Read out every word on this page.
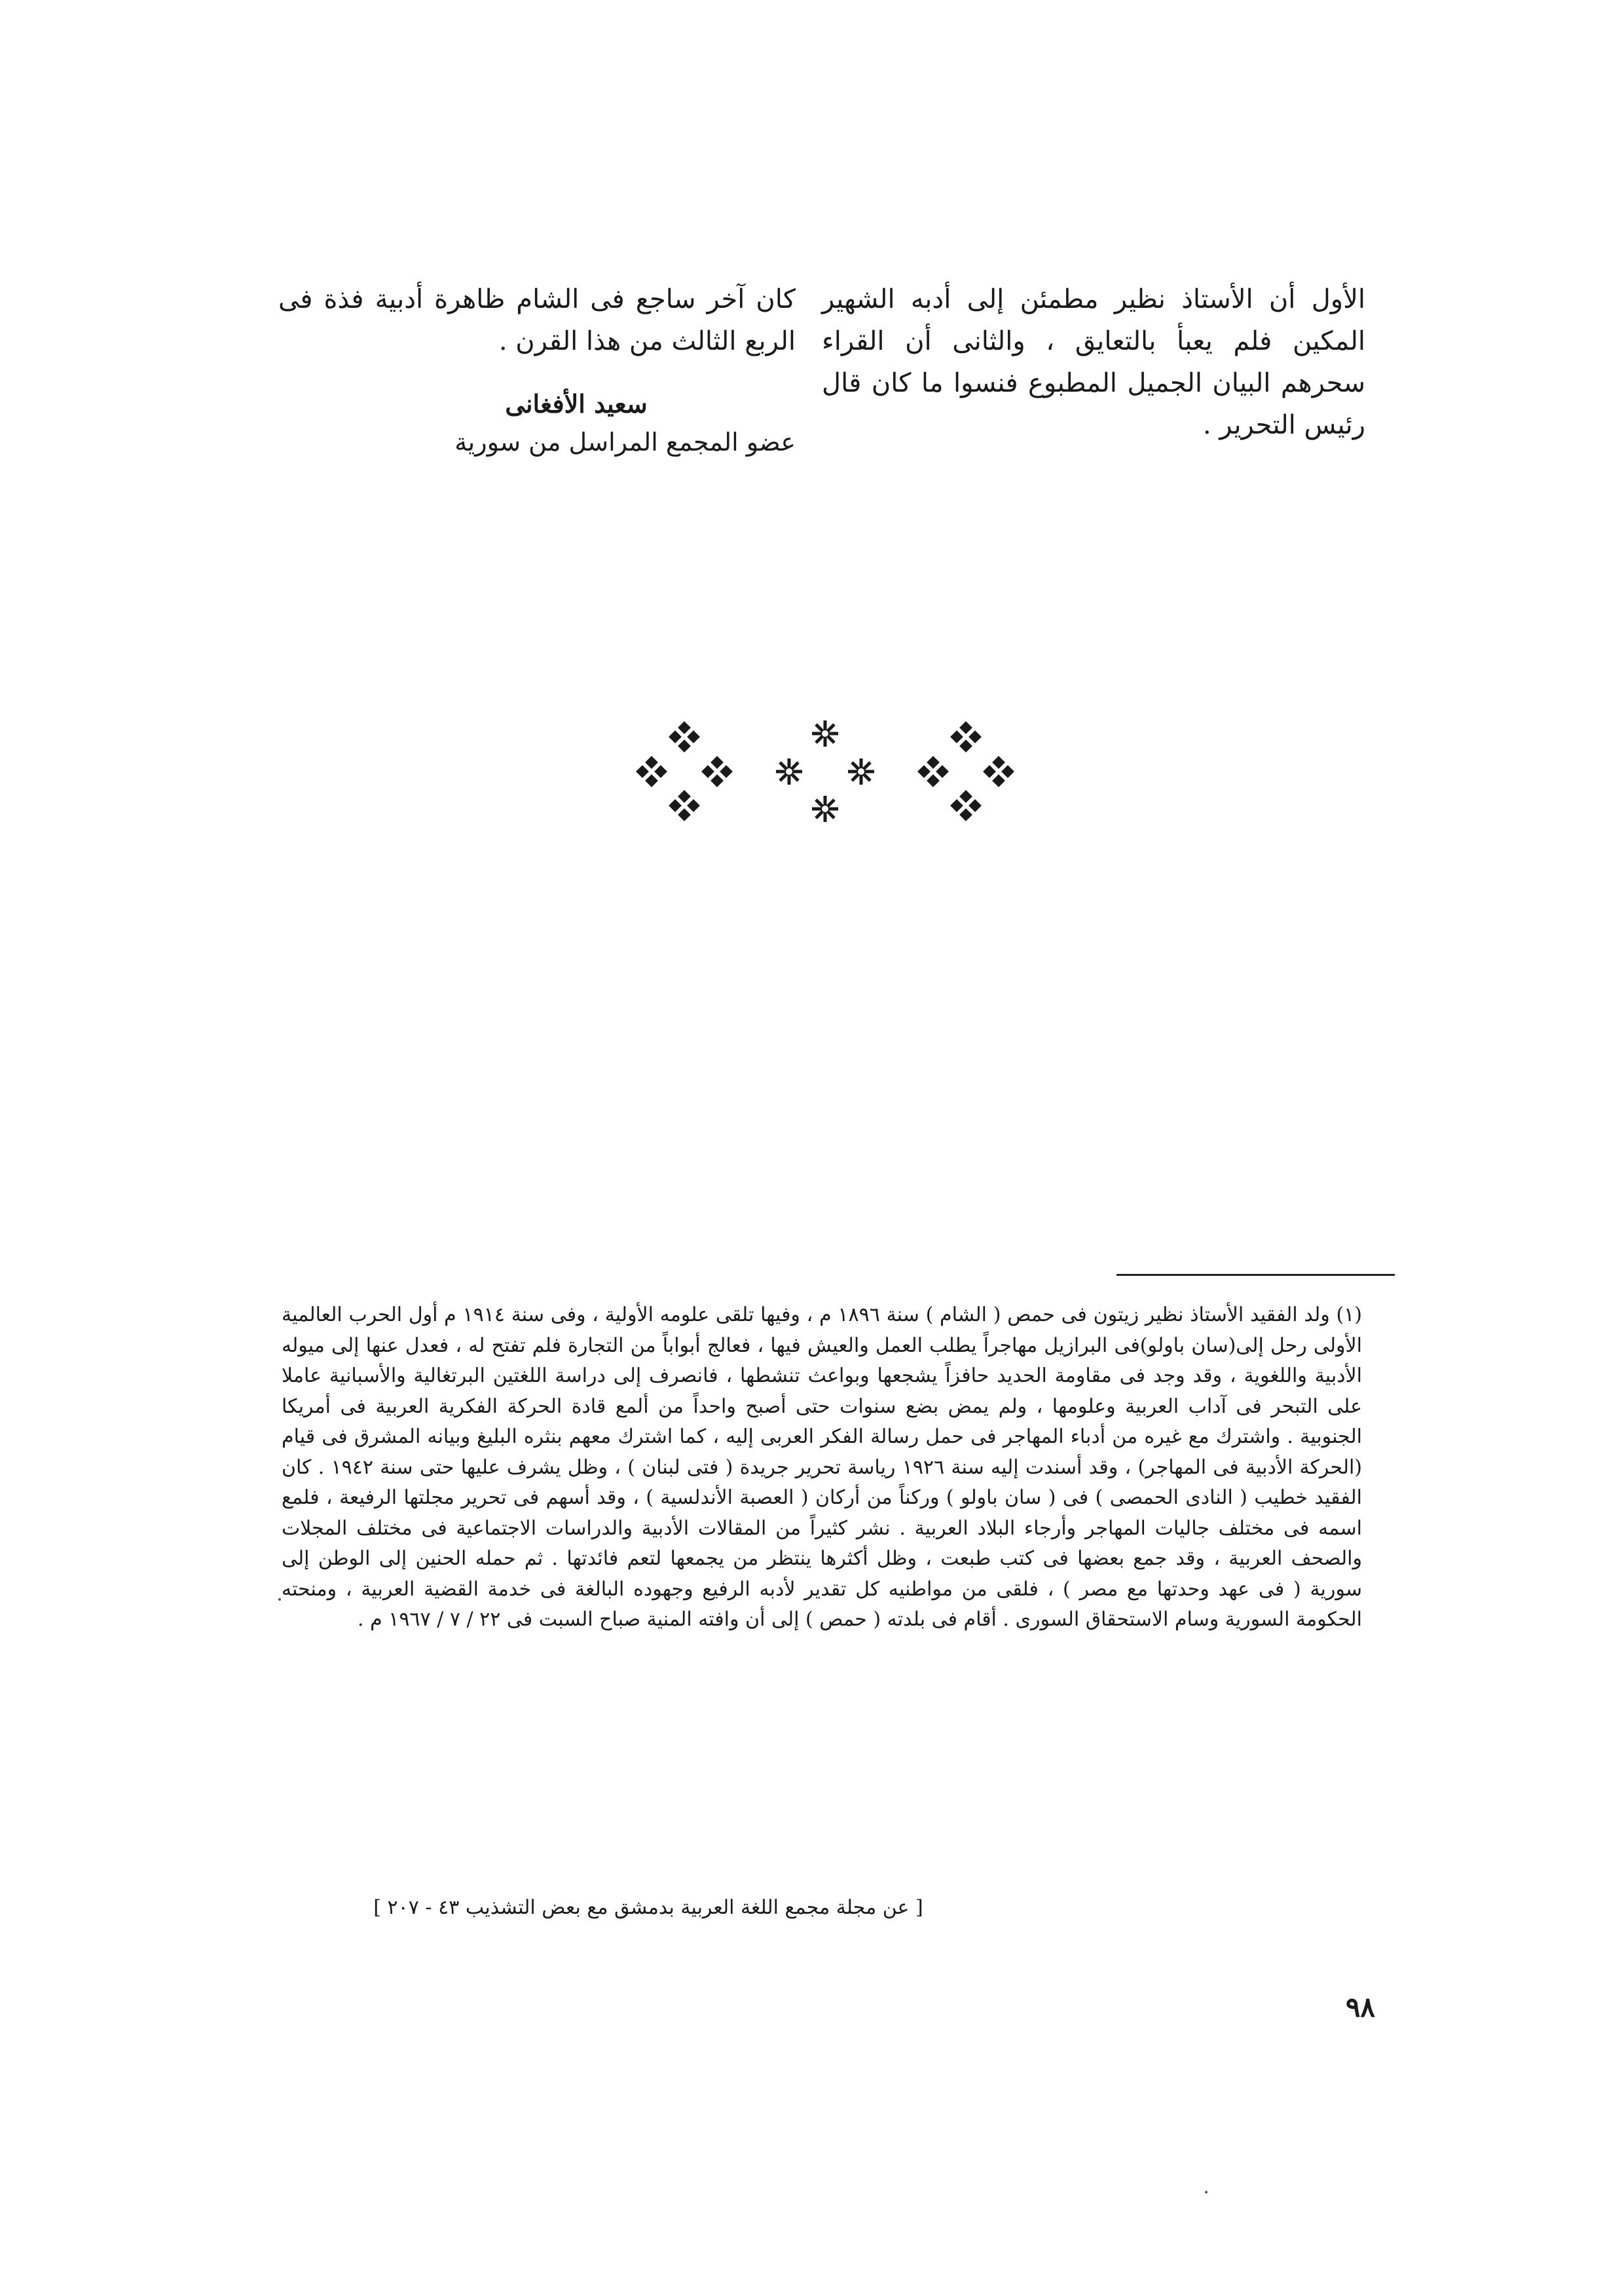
الأول أن الأستاذ نظير مطمئن إلى أدبه الشهير المكين فلم يعبأ بالتعايق ، والثانى أن القراء سحرهم البيان الجميل المطبوع فنسوا ما كان قال رئيس التحرير .

كان آخر ساجع فى الشام ظاهرة أدبية فذة فى الربع الثالث من هذا القرن .

سعيد الأفغانى
عضو المجمع المراسل من سورية

(١) ولد الفقيد الأستاذ نظير زيتون فى حمص ( الشام ) سنة ١٨٩٦ م ، وفيها تلقى علومه الأولية ، وفى سنة ١٩١٤ م أول الحرب العالمية الأولى رحل إلى(سان باولو)فى البرازيل مهاجراً يطلب العمل والعيش فيها ، فعالج أبواباً من التجارة فلم تفتح له ، فعدل عنها إلى ميوله الأدبية واللغوية ، وقد وجد فى مقاومة الحديد حافزاً يشجعها وبواعث تنشطها ، فانصرف إلى دراسة اللغتين البرتغالية والأسبانية عاملا على التبحر فى آداب العربية وعلومها ، ولم يمض بضع سنوات حتى أصبح واحداً من ألمع قادة الحركة الفكرية العربية فى أمريكا الجنوبية . واشترك مع غيره من أدباء المهاجر فى حمل رسالة الفكر العربى إليه ، كما اشترك معهم بنثره البليغ وبيانه المشرق فى قيام (الحركة الأدبية فى المهاجر) ، وقد أسندت إليه سنة ١٩٢٦ رياسة تحرير جريدة ( فتى لبنان ) ، وظل يشرف عليها حتى سنة ١٩٤٢ . كان الفقيد خطيب ( النادى الحمصى ) فى ( سان باولو ) وركناً من أركان ( العصبة الأندلسية ) ، وقد أسهم فى تحرير مجلتها الرفيعة ، فلمع اسمه فى مختلف جاليات المهاجر وأرجاء البلاد العربية . نشر كثيراً من المقالات الأدبية والدراسات الاجتماعية فى مختلف المجلات والصحف العربية ، وقد جمع بعضها فى كتب طبعت ، وظل أكثرها ينتظر من يجمعها لتعم فائدتها . ثم حمله الحنين إلى الوطن إلى سورية ( فى عهد وحدتها مع مصر ) ، فلقى من مواطنيه كل تقدير لأدبه الرفيع وجهوده البالغة فى خدمة القضية العربية ، ومنحته الحكومة السورية وسام الاستحقاق السورى . أقام فى بلدته ( حمص ) إلى أن وافته المنية صباح السبت فى ٢٢ / ٧ / ١٩٦٧ م .

[ عن مجلة مجمع اللغة العربية بدمشق مع بعض التشذيب ٤٣ - ٢٠٧ ]
٩٨
